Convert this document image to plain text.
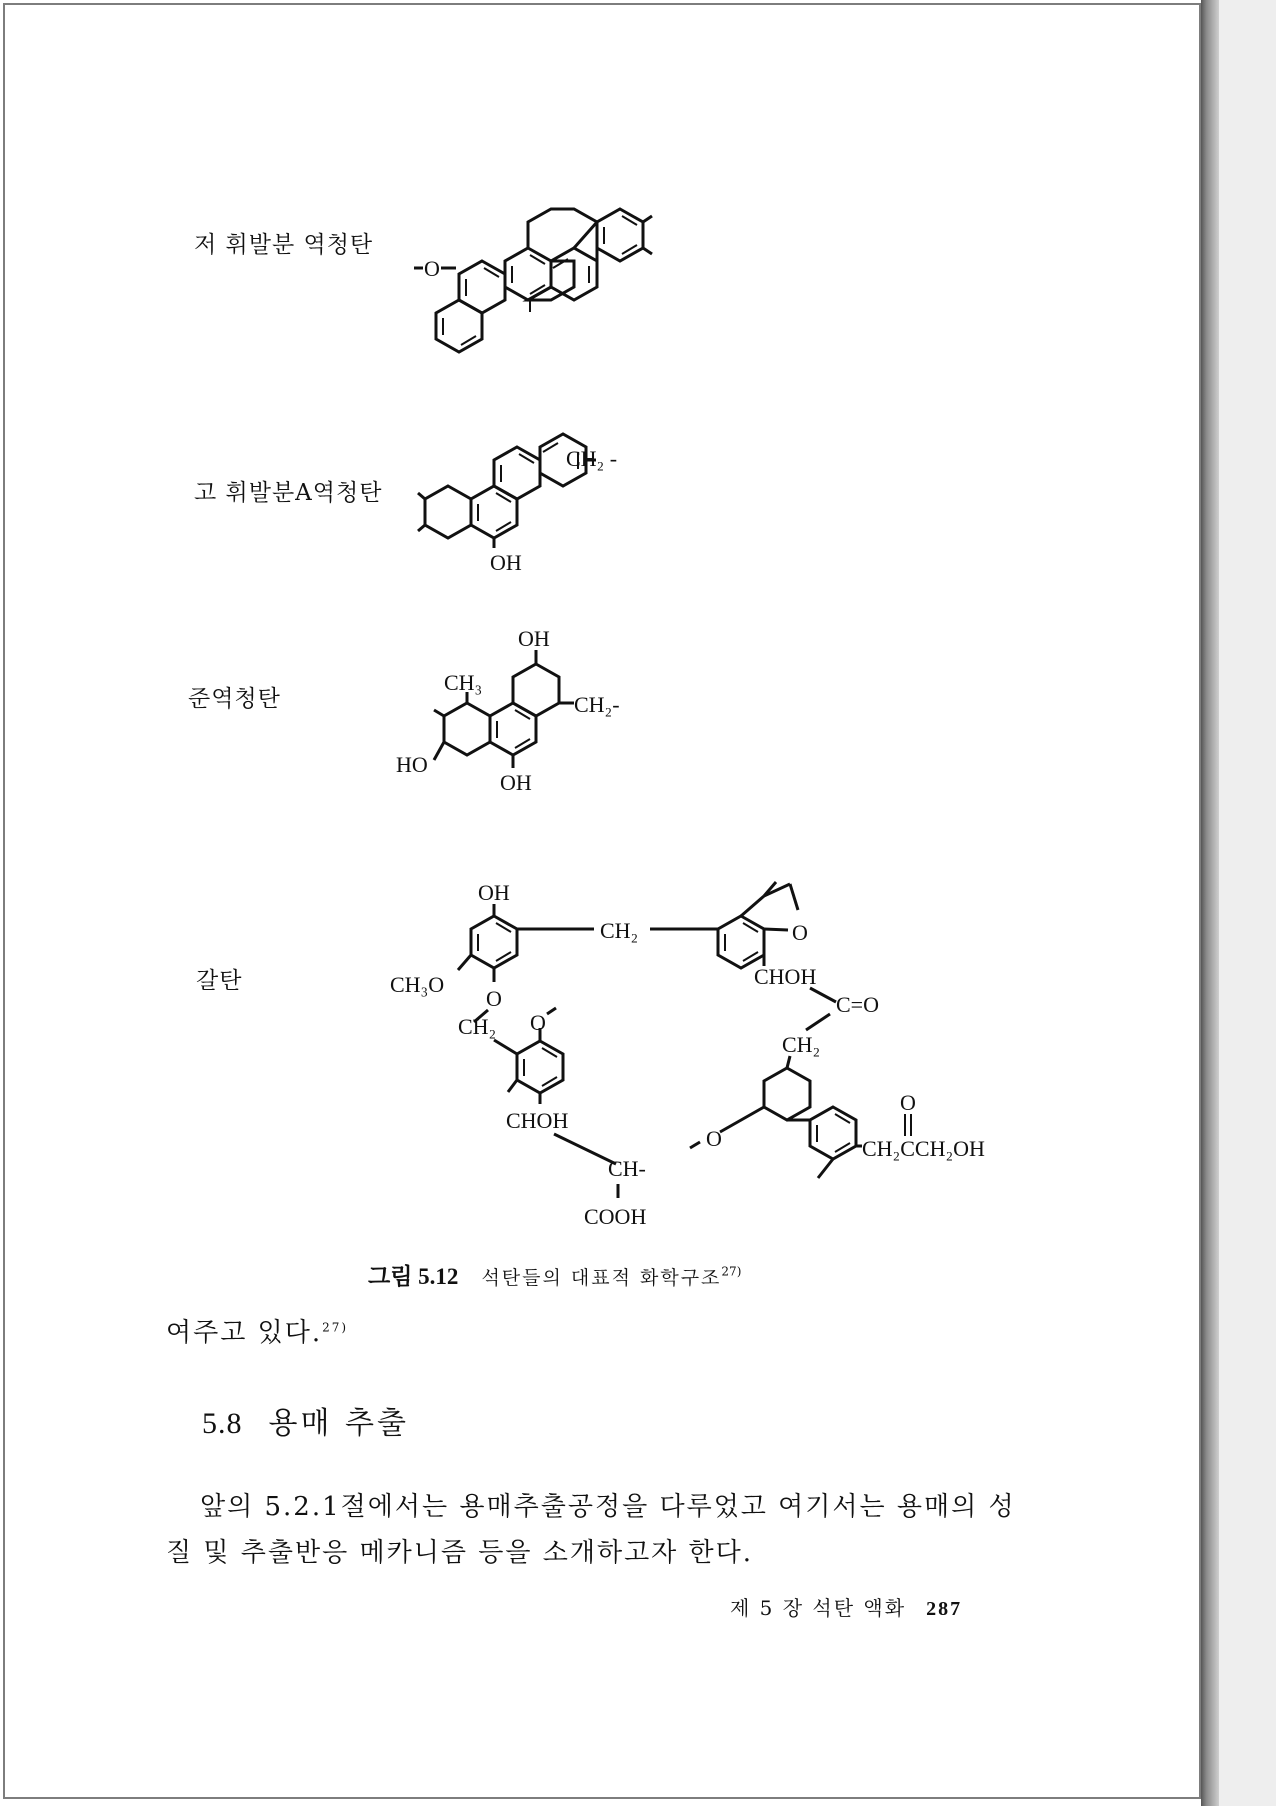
저 휘발분 역청탄
고 휘발분A역청탄
준역청탄
갈탄
O
CH₂ -
OH
OH
CH₂-
OH
CH₃
HO
OH
CH₂
CH₃O
O
CH₂ O
CHOH
CH-
COOH
O
CHOH
C=O
CH₂
O	CH₂CCH₂OH
O
그림 5.12 석탄들의 대표적 화학구조$^{27)}$
여주고 있다.$^{27)}$
5.8 용매 추출
앞의 5.2.1절에서는 용매추출공정을 다루었고 여기서는 용매의 성질 및 추출반응 메카니즘 등을 소개하고자 한다.
제 5 장 석탄 액화 287
